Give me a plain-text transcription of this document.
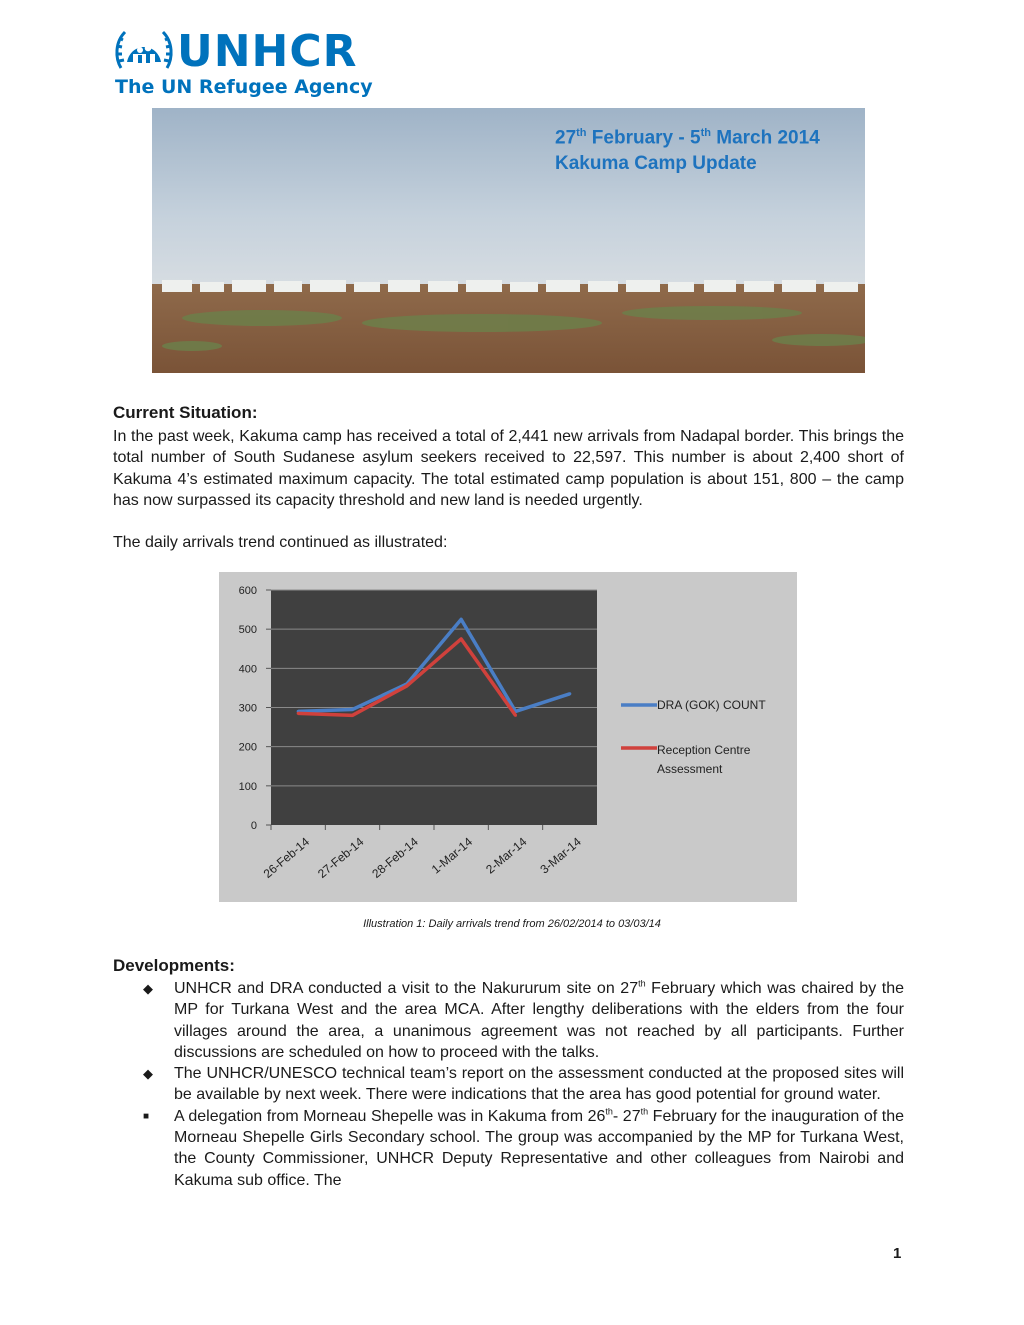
UNHCR
The UN Refugee Agency
27th February - 5th March 2014
Kakuma Camp Update
Current Situation:
In the past week, Kakuma camp has received a total of 2,441 new arrivals from Nadapal border. This brings the total number of South Sudanese asylum seekers received to 22,597. This number is about 2,400 short of Kakuma 4’s estimated maximum capacity. The total estimated camp population is about 151, 800 – the camp has now surpassed its capacity threshold and new land is needed urgently.
The daily arrivals trend continued as illustrated:
600
500
400
300
200
100
0
26-Feb-14 27-Feb-14 28-Feb-14 1-Mar-14 2-Mar-14 3-Mar-14
DRA (GOK) COUNT
Reception Centre
Assessment
Illustration 1: Daily arrivals trend from 26/02/2014 to 03/03/14
Developments:
◆ UNHCR and DRA conducted a visit to the Nakururum site on 27th February which was chaired by the MP for Turkana West and the area MCA. After lengthy deliberations with the elders from the four villages around the area, a unanimous agreement was not reached by all participants. Further discussions are scheduled on how to proceed with the talks.
◆ The UNHCR/UNESCO technical team’s report on the assessment conducted at the proposed sites will be available by next week. There were indications that the area has good potential for ground water.
■ A delegation from Morneau Shepelle was in Kakuma from 26th- 27th February for the inauguration of the Morneau Shepelle Girls Secondary school. The group was accompanied by the MP for Turkana West, the County Commissioner, UNHCR Deputy Representative and other colleagues from Nairobi and Kakuma sub office. The
1
